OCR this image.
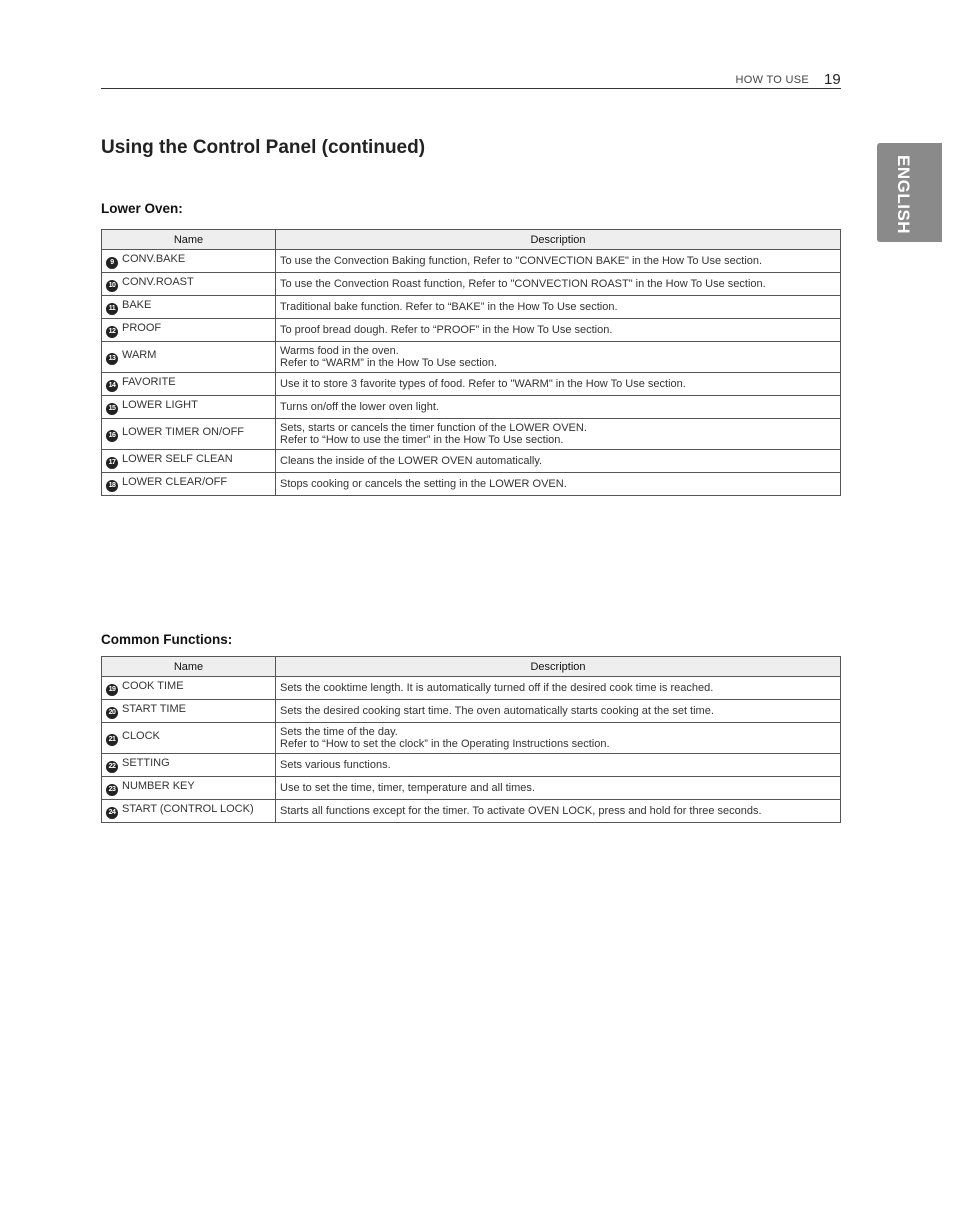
HOW TO USE 19
ENGLISH
Using the Control Panel (continued)
Lower Oven:
Name	Description
9 CONV.BAKE	To use the Convection Baking function, Refer to "CONVECTION BAKE" in the How To Use section.

10 CONV.ROAST	To use the Convection Roast function, Refer to "CONVECTION ROAST" in the How To Use section.

11 BAKE	Traditional bake function. Refer to “BAKE” in the How To Use section.

12 PROOF	To proof bread dough. Refer to “PROOF” in the How To Use section.

13 WARM	Warms food in the oven.
Refer to “WARM” in the How To Use section.

14 FAVORITE	Use it to store 3 favorite types of food. Refer to "WARM" in the How To Use section.

15 LOWER LIGHT	Turns on/off the lower oven light.

16 LOWER TIMER ON/OFF	Sets, starts or cancels the timer function of the LOWER OVEN.
Refer to “How to use the timer” in the How To Use section.

17 LOWER SELF CLEAN	Cleans the inside of the LOWER OVEN automatically.

18 LOWER CLEAR/OFF	Stops cooking or cancels the setting in the LOWER OVEN.
Common Functions:
Name	Description
19 COOK TIME	Sets the cooktime length. It is automatically turned off if the desired cook time is reached.

20 START TIME	Sets the desired cooking start time. The oven automatically starts cooking at the set time.

21 CLOCK	Sets the time of the day.
Refer to “How to set the clock” in the Operating Instructions section.

22 SETTING	Sets various functions.

23 NUMBER KEY	Use to set the time, timer, temperature and all times.

24 START (CONTROL LOCK)	Starts all functions except for the timer. To activate OVEN LOCK, press and hold for three seconds.
